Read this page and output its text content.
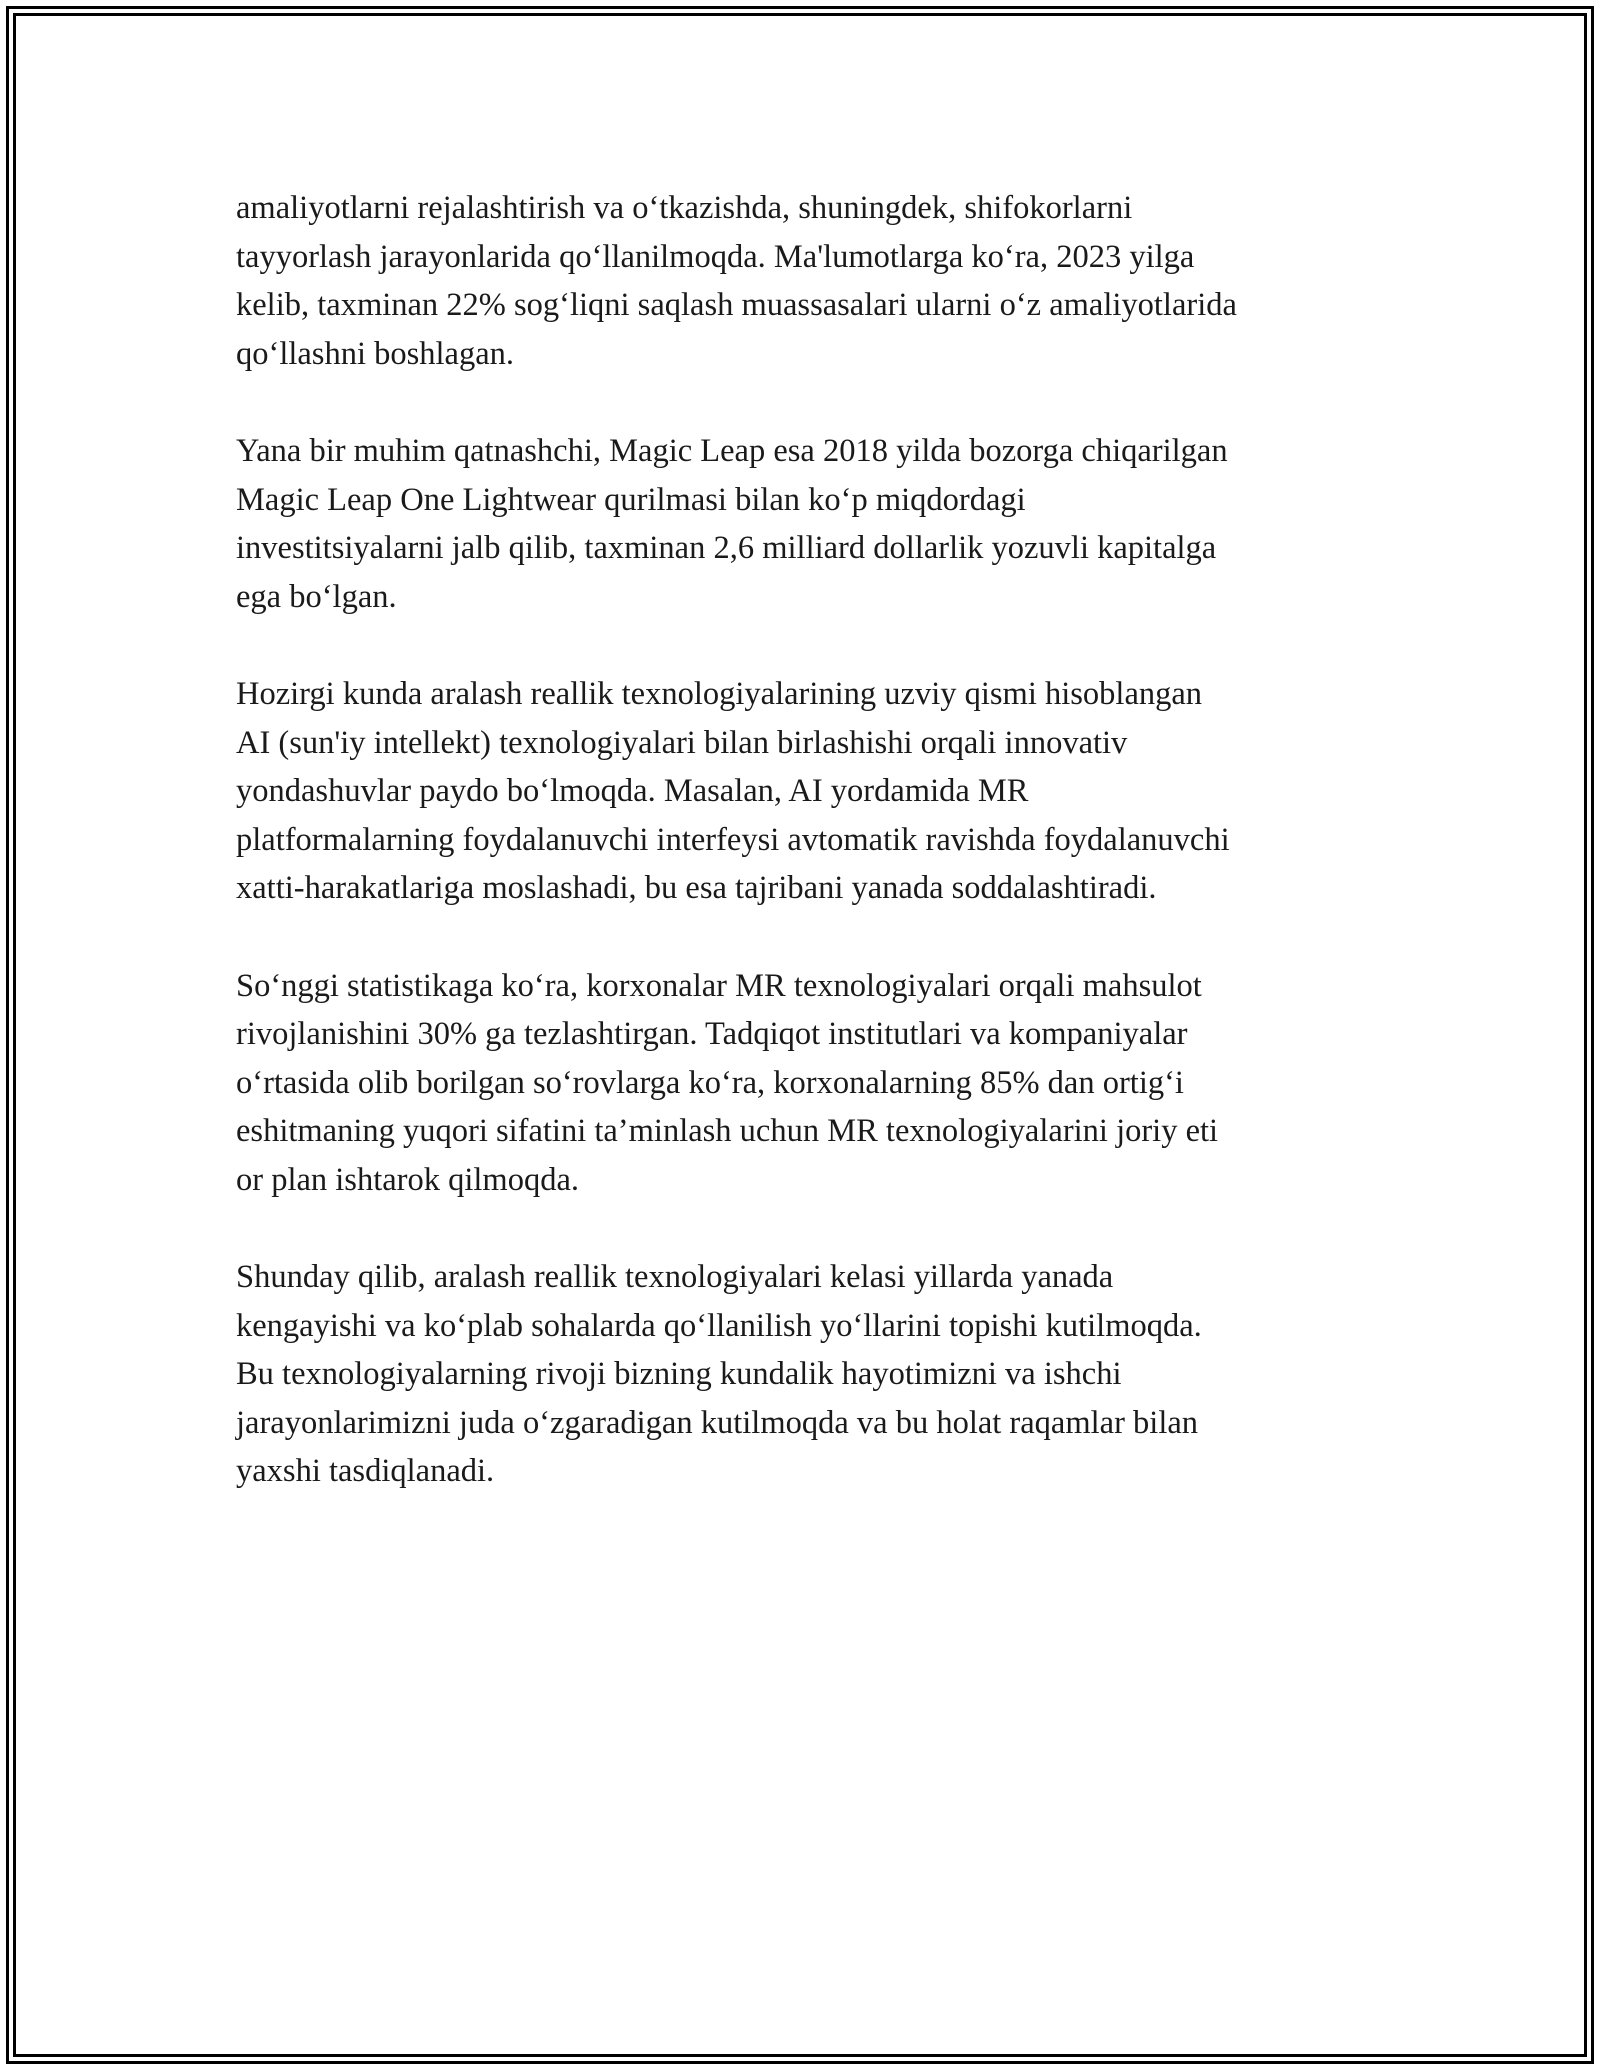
amaliyotlarni rejalashtirish va o‘tkazishda, shuningdek, shifokorlarni
tayyorlash jarayonlarida qo‘llanilmoqda. Ma'lumotlarga ko‘ra, 2023 yilga
kelib, taxminan 22% sog‘liqni saqlash muassasalari ularni o‘z amaliyotlarida
qo‘llashni boshlagan.

Yana bir muhim qatnashchi, Magic Leap esa 2018 yilda bozorga chiqarilgan
Magic Leap One Lightwear qurilmasi bilan ko‘p miqdordagi
investitsiyalarni jalb qilib, taxminan 2,6 milliard dollarlik yozuvli kapitalga
ega bo‘lgan.

Hozirgi kunda aralash reallik texnologiyalarining uzviy qismi hisoblangan
AI (sun'iy intellekt) texnologiyalari bilan birlashishi orqali innovativ
yondashuvlar paydo bo‘lmoqda. Masalan, AI yordamida MR
platformalarning foydalanuvchi interfeysi avtomatik ravishda foydalanuvchi
xatti-harakatlariga moslashadi, bu esa tajribani yanada soddalashtiradi.

So‘nggi statistikaga ko‘ra, korxonalar MR texnologiyalari orqali mahsulot
rivojlanishini 30% ga tezlashtirgan. Tadqiqot institutlari va kompaniyalar
o‘rtasida olib borilgan so‘rovlarga ko‘ra, korxonalarning 85% dan ortig‘i
eshitmaning yuqori sifatini ta’minlash uchun MR texnologiyalarini joriy eti
or plan ishtarok qilmoqda.

Shunday qilib, aralash reallik texnologiyalari kelasi yillarda yanada
kengayishi va ko‘plab sohalarda qo‘llanilish yo‘llarini topishi kutilmoqda.
Bu texnologiyalarning rivoji bizning kundalik hayotimizni va ishchi
jarayonlarimizni juda o‘zgaradigan kutilmoqda va bu holat raqamlar bilan
yaxshi tasdiqlanadi.
